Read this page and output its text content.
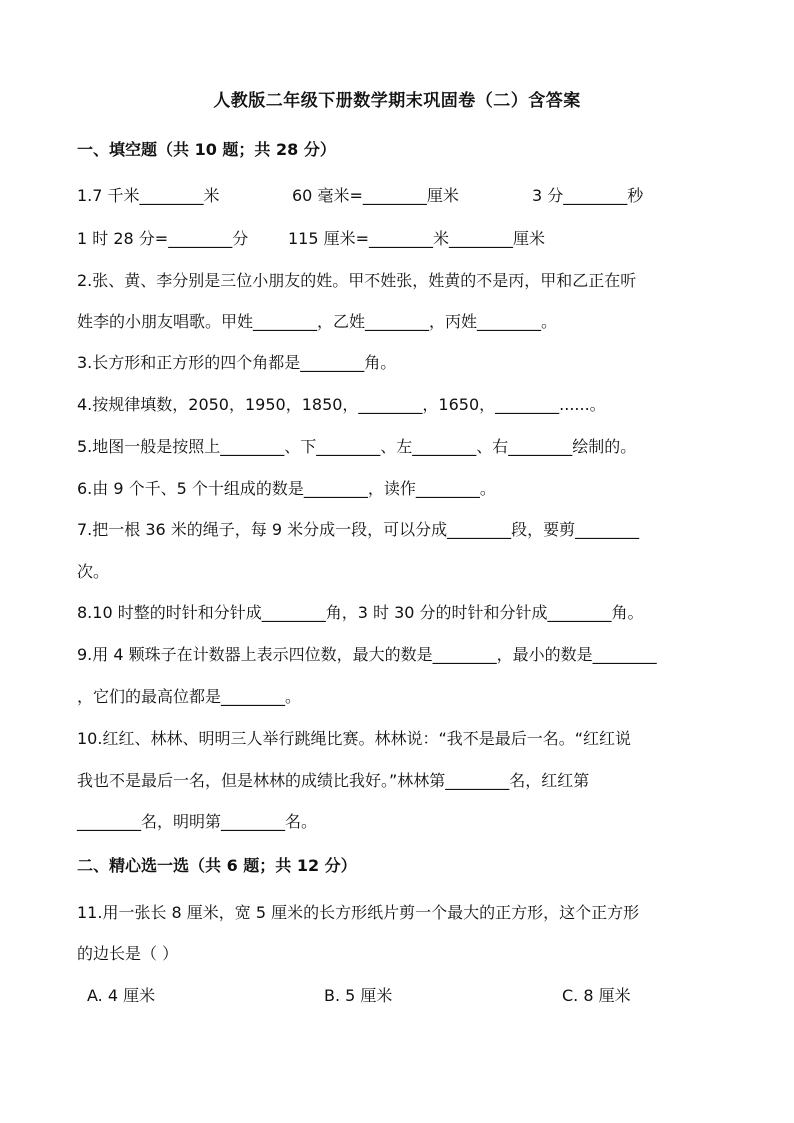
人教版二年级下册数学期末巩固卷（二）含答案
一、填空题（共 10 题；共 28 分）
1.7 千米________米	60 毫米=________厘米	3 分________秒
1 时 28 分=________分 115 厘米=________米________厘米
2.张、黄、李分别是三位小朋友的姓。甲不姓张，姓黄的不是丙，甲和乙正在听
姓李的小朋友唱歌。甲姓________，乙姓________，丙姓________。
3.长方形和正方形的四个角都是________角。
4.按规律填数，2050，1950，1850，________，1650，________......。
5.地图一般是按照上________、下________、左________、右________绘制的。
6.由 9 个千、5 个十组成的数是________，读作________。
7.把一根 36 米的绳子，每 9 米分成一段，可以分成________段，要剪________
次。
8.10 时整的时针和分针成________角，3 时 30 分的时针和分针成________角。
9.用 4 颗珠子在计数器上表示四位数，最大的数是________，最小的数是________
，它们的最高位都是________。
10.红红、林林、明明三人举行跳绳比赛。林林说：“我不是最后一名。“红红说
我也不是最后一名，但是林林的成绩比我好。”林林第________名，红红第
________名，明明第________名。
二、精心选一选（共 6 题；共 12 分）
11.用一张长 8 厘米，宽 5 厘米的长方形纸片剪一个最大的正方形，这个正方形
的边长是（ ）
A. 4 厘米	B. 5 厘米	C. 8 厘米
